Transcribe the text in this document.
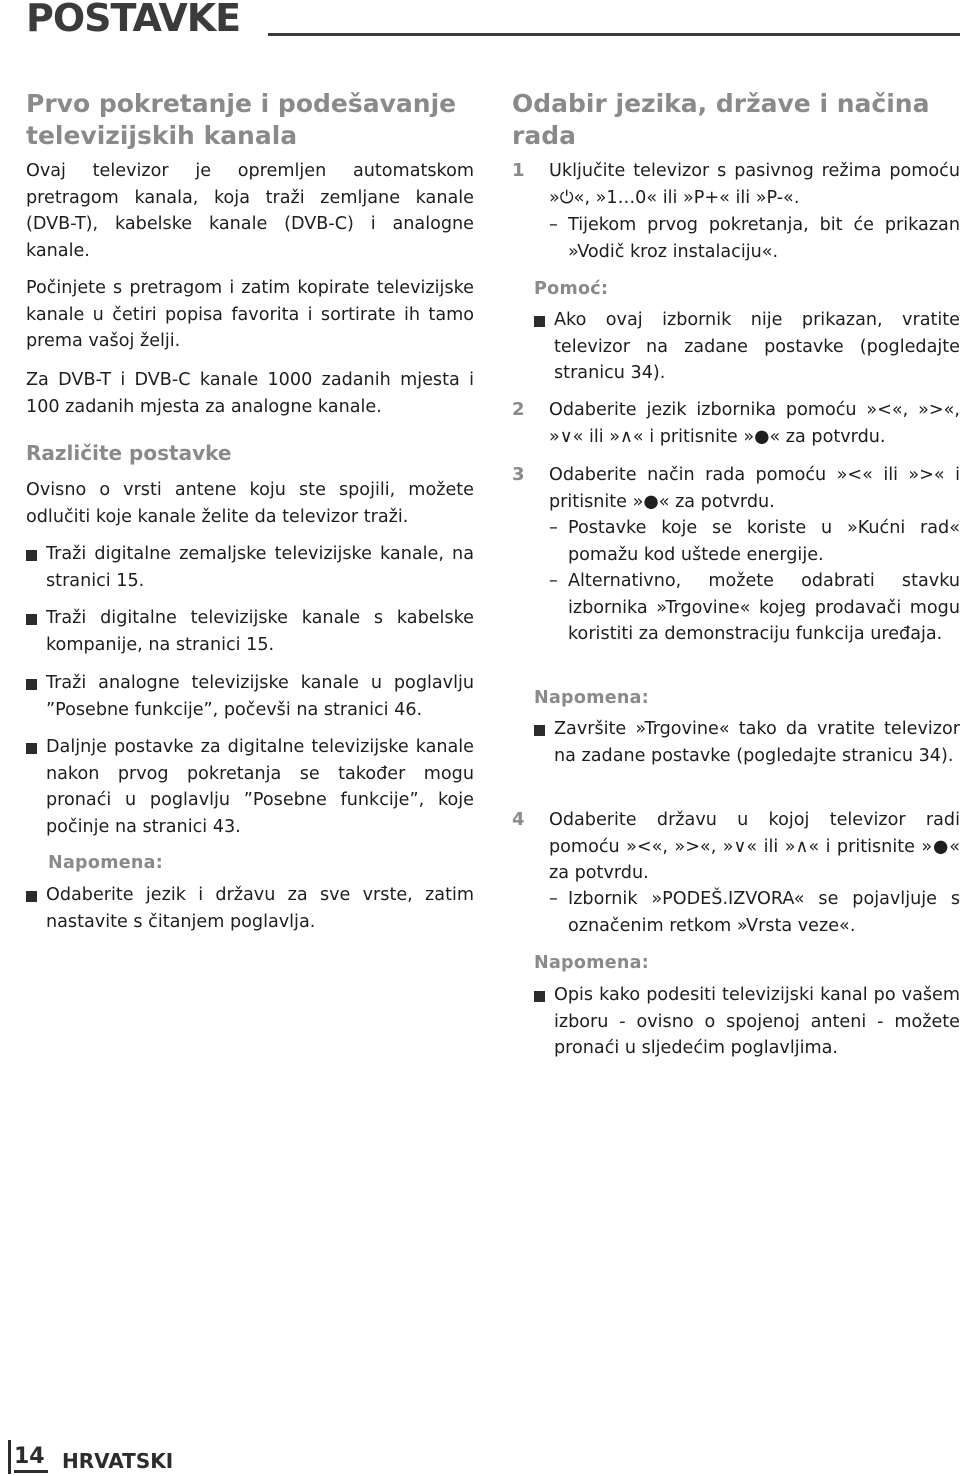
POSTAVKE
Prvo pokretanje i podešavanje televizijskih kanala

Ovaj televizor je opremljen automatskom pretragom kanala, koja traži zemljane kanale (DVB-T), kabelske kanale (DVB-C) i analogne kanale.

Počinjete s pretragom i zatim kopirate televizijske kanale u četiri popisa favorita i sortirate ih tamo prema vašoj želji.

Za DVB-T i DVB-C kanale 1000 zadanih mjesta i 100 zadanih mjesta za analogne kanale.

Različite postavke

Ovisno o vrsti antene koju ste spojili, možete odlučiti koje kanale želite da televizor traži.

Traži digitalne zemaljske televizijske kanale, na stranici 15.
Traži digitalne televizijske kanale s kabelske kompanije, na stranici 15.
Traži analogne televizijske kanale u poglavlju ”Posebne funkcije”, počevši na stranici 46.
Daljnje postavke za digitalne televizijske kanale nakon prvog pokretanja se također mogu pronaći u poglavlju ”Posebne funkcije”, koje počinje na stranici 43.
Napomena:
Odaberite jezik i državu za sve vrste, zatim nastavite s čitanjem poglavlja.
Odabir jezika, države i načina rada
1	Uključite televizor s pasivnog režima pomoću »⏻«, »1…0« ili »P+« ili »P-«.
– Tijekom prvog pokretanja, bit će prikazan »Vodič kroz instalaciju«.
Pomoć:
Ako ovaj izbornik nije prikazan, vratite televizor na zadane postavke (pogledajte stranicu 34).
2	Odaberite jezik izbornika pomoću »<«, »>«, »∨« ili »∧« i pritisnite »●« za potvrdu.
3	Odaberite način rada pomoću »<« ili »>« i pritisnite »●« za potvrdu.
– Postavke koje se koriste u »Kućni rad« pomažu kod uštede energije.
– Alternativno, možete odabrati stavku izbornika »Trgovine« kojeg prodavači mogu koristiti za demonstraciju funkcija uređaja.
Napomena:
Završite »Trgovine« tako da vratite televizor na zadane postavke (pogledajte stranicu 34).
4	Odaberite državu u kojoj televizor radi pomoću »<«, »>«, »∨« ili »∧« i pritisnite »●« za potvrdu.
– Izbornik »PODEŠ.IZVORA« se pojavljuje s označenim retkom »Vrsta veze«.
Napomena:
Opis kako podesiti televizijski kanal po vašem izboru - ovisno o spojenoj anteni - možete pronaći u sljedećim poglavljima.
14 HRVATSKI
